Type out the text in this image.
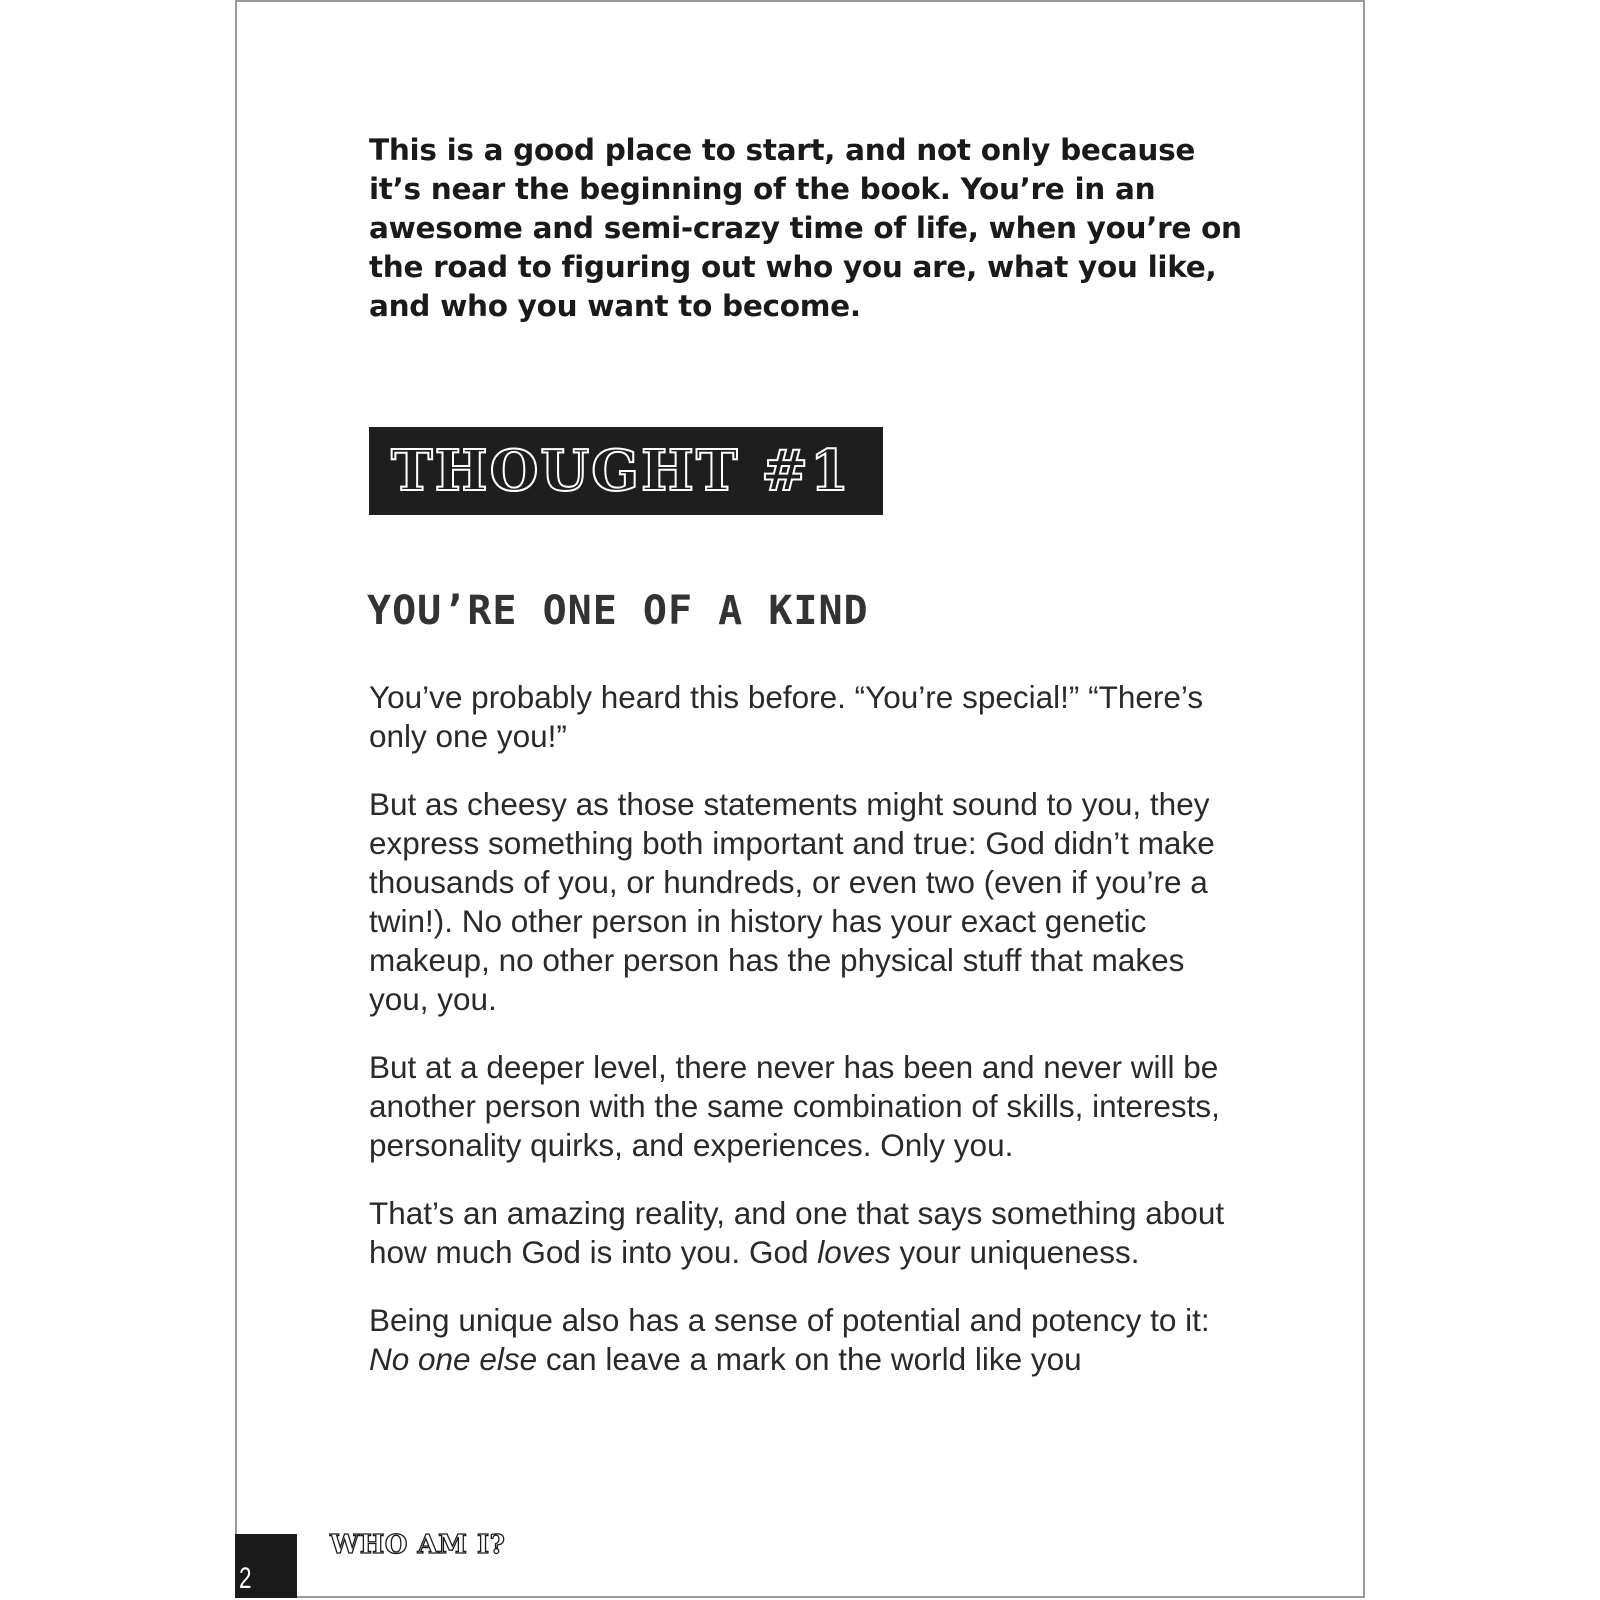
This is a good place to start, and not only because it’s near the beginning of the book. You’re in an awesome and semi-crazy time of life, when you’re on the road to figuring out who you are, what you like, and who you want to become.

THOUGHT #1
YOU’RE ONE OF A KIND

You’ve probably heard this before. “You’re special!” “There’s only one you!”

But as cheesy as those statements might sound to you, they express something both important and true: God didn’t make thousands of you, or hundreds, or even two (even if you’re a twin!). No other person in history has your exact genetic makeup, no other person has the physical stuff that makes you, you.

But at a deeper level, there never has been and never will be another person with the same combination of skills, interests, personality quirks, and experiences. Only you.

That’s an amazing reality, and one that says something about how much God is into you. God loves your uniqueness.

Being unique also has a sense of potential and potency to it: No one else can leave a mark on the world like you

2
WHO AM I?
